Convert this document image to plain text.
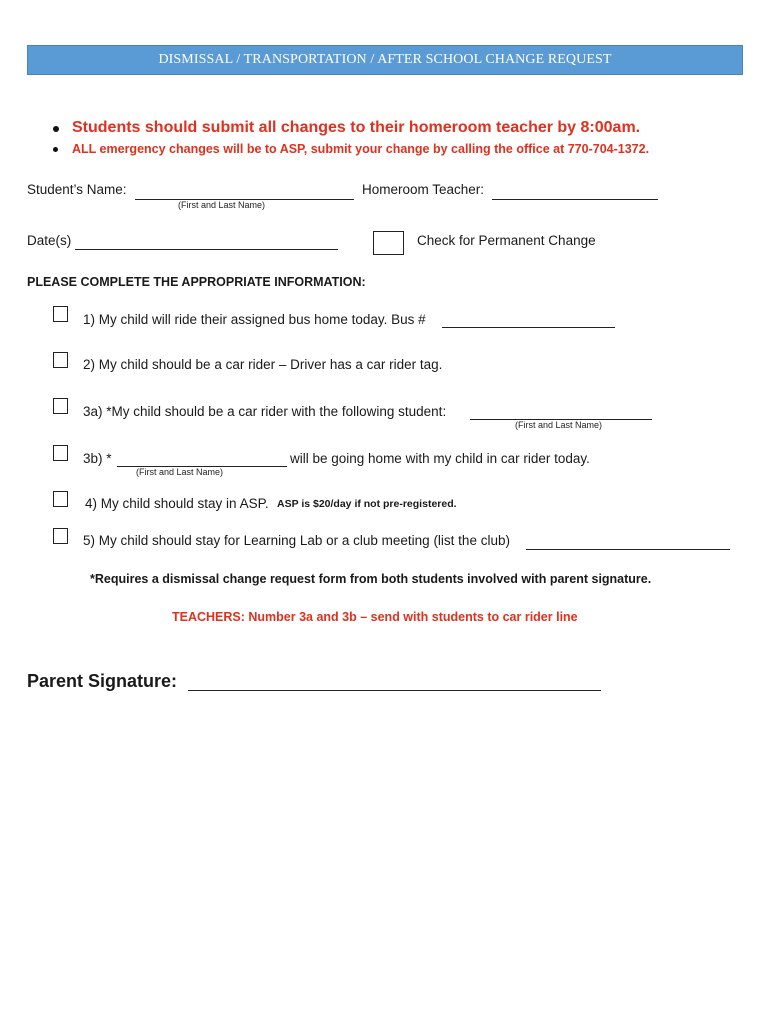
DISMISSAL / TRANSPORTATION / AFTER SCHOOL CHANGE REQUEST
Students should submit all changes to their homeroom teacher by 8:00am.
ALL emergency changes will be to ASP, submit your change by calling the office at 770-704-1372.
Student’s Name:
(First and Last Name)
Homeroom Teacher:
Date(s)	Check for Permanent Change
PLEASE COMPLETE THE APPROPRIATE INFORMATION:
1) My child will ride their assigned bus home today. Bus #
2) My child should be a car rider – Driver has a car rider tag.
3a) *My child should be a car rider with the following student:
(First and Last Name)
3b) *	will be going home with my child in car rider today.
(First and Last Name)
4) My child should stay in ASP. ASP is $20/day if not pre-registered.
5) My child should stay for Learning Lab or a club meeting (list the club)
*Requires a dismissal change request form from both students involved with parent signature.
TEACHERS: Number 3a and 3b – send with students to car rider line
Parent Signature:
